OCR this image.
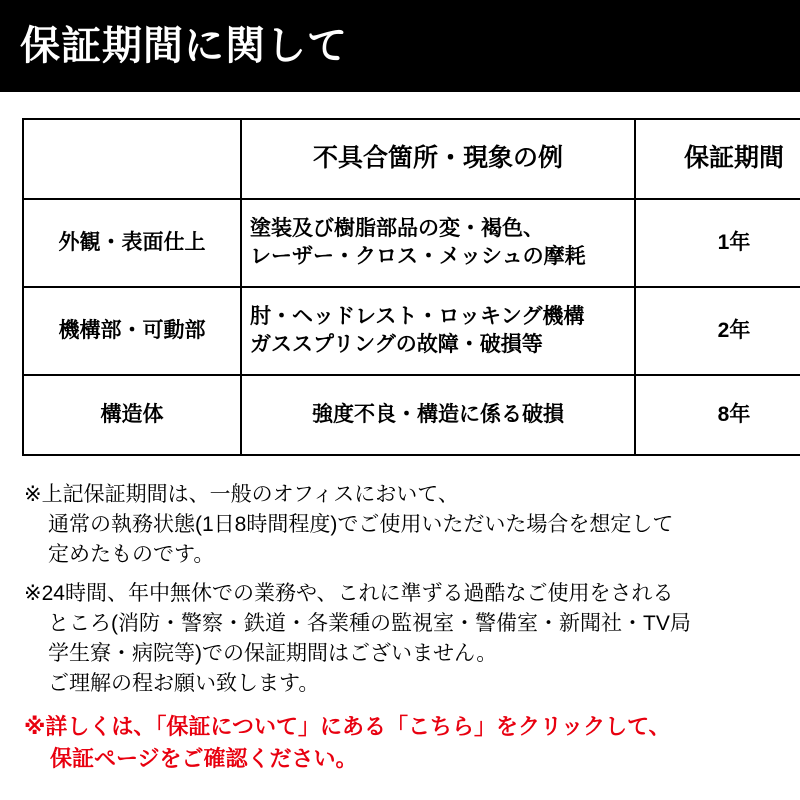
保証期間に関して
	不具合箇所・現象の例	保証期間
外観・表面仕上	塗装及び樹脂部品の変・褐色、
レーザー・クロス・メッシュの摩耗	1年
機構部・可動部	肘・ヘッドレスト・ロッキング機構
ガススプリングの故障・破損等	2年
構造体	強度不良・構造に係る破損	8年
※上記保証期間は、一般のオフィスにおいて、
通常の執務状態(1日8時間程度)でご使用いただいた場合を想定して
定めたものです。
※24時間、年中無休での業務や、これに準ずる過酷なご使用をされる
ところ(消防・警察・鉄道・各業種の監視室・警備室・新聞社・TV局
学生寮・病院等)での保証期間はございません。
ご理解の程お願い致します。
※詳しくは、「保証について」にある「こちら」をクリックして、
保証ページをご確認ください。
